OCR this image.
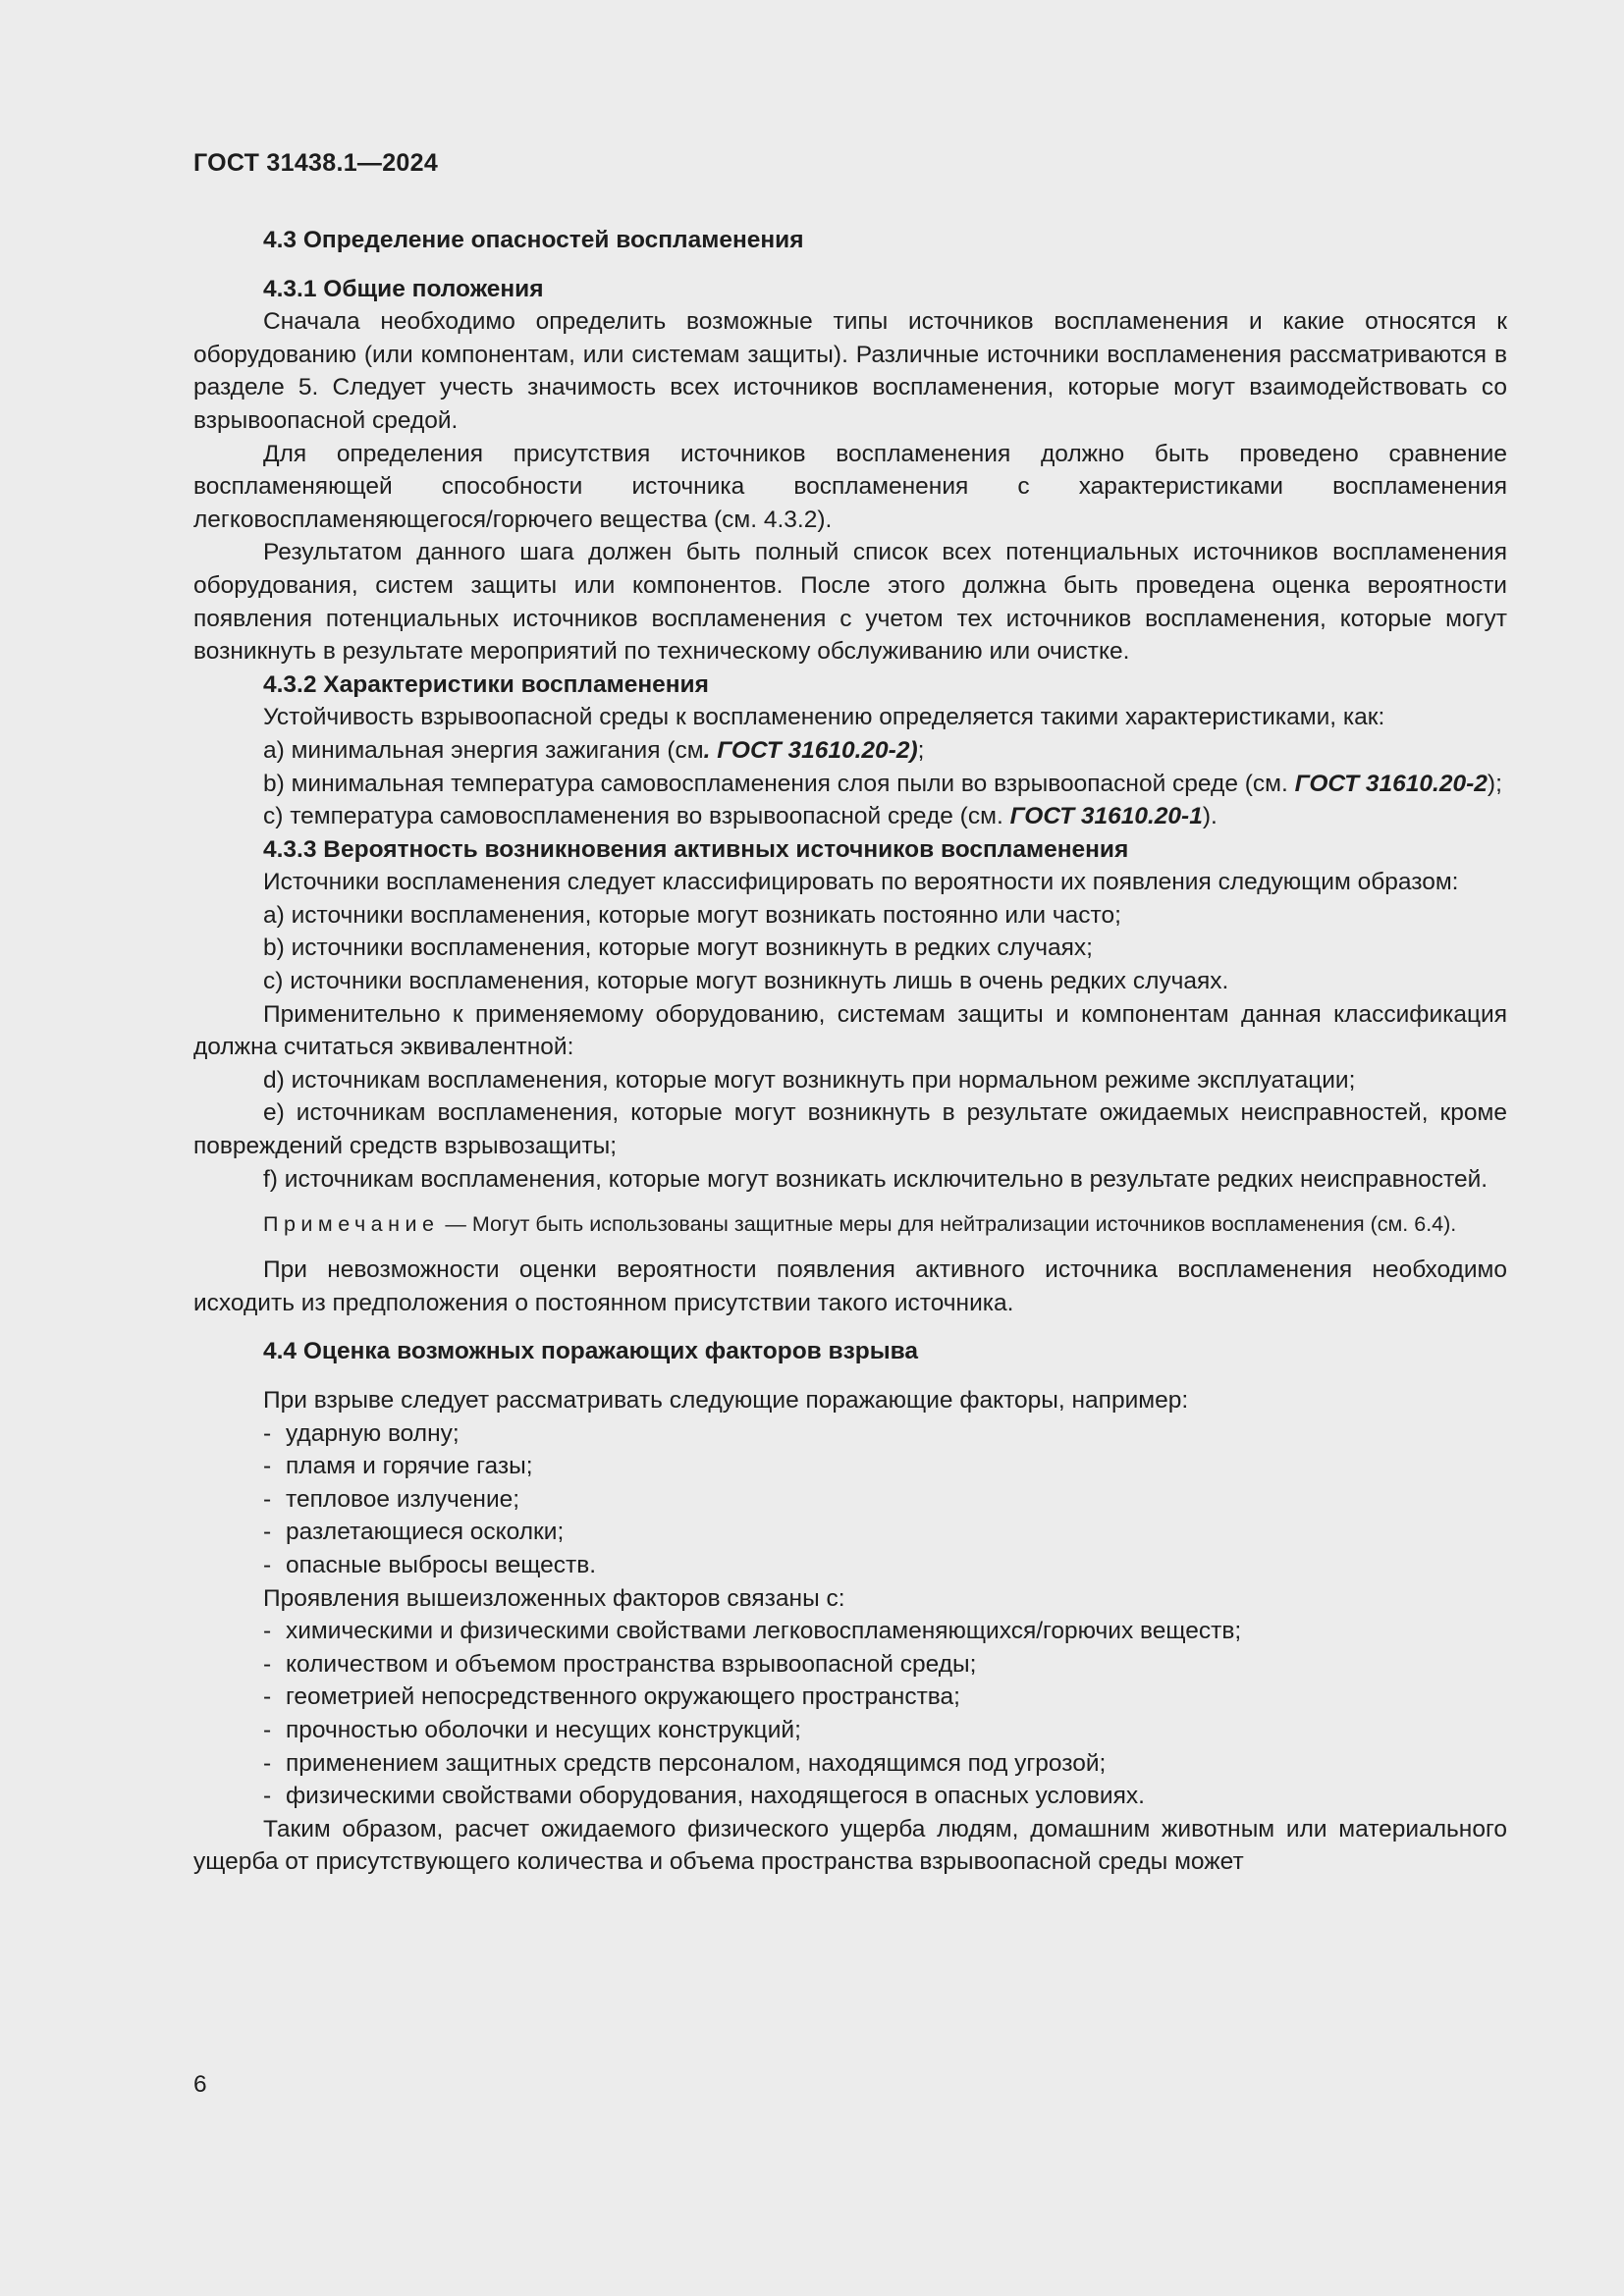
ГОСТ 31438.1—2024

4.3 Определение опасностей воспламенения

4.3.1 Общие положения

Сначала необходимо определить возможные типы источников воспламенения и какие относятся к оборудованию (или компонентам, или системам защиты). Различные источники воспламенения рассматриваются в разделе 5. Следует учесть значимость всех источников воспламенения, которые могут взаимодействовать со взрывоопасной средой.

Для определения присутствия источников воспламенения должно быть проведено сравнение воспламеняющей способности источника воспламенения с характеристиками воспламенения легковоспламеняющегося/горючего вещества (см. 4.3.2).

Результатом данного шага должен быть полный список всех потенциальных источников воспламенения оборудования, систем защиты или компонентов. После этого должна быть проведена оценка вероятности появления потенциальных источников воспламенения с учетом тех источников воспламенения, которые могут возникнуть в результате мероприятий по техническому обслуживанию или очистке.

4.3.2 Характеристики воспламенения

Устойчивость взрывоопасной среды к воспламенению определяется такими характеристиками, как:

a) минимальная энергия зажигания (см. ГОСТ 31610.20-2);

b) минимальная температура самовоспламенения слоя пыли во взрывоопасной среде (см. ГОСТ 31610.20-2);

c) температура самовоспламенения во взрывоопасной среде (см. ГОСТ 31610.20-1).

4.3.3 Вероятность возникновения активных источников воспламенения

Источники воспламенения следует классифицировать по вероятности их появления следующим образом:

a) источники воспламенения, которые могут возникать постоянно или часто;

b) источники воспламенения, которые могут возникнуть в редких случаях;

c) источники воспламенения, которые могут возникнуть лишь в очень редких случаях.

Применительно к применяемому оборудованию, системам защиты и компонентам данная классификация должна считаться эквивалентной:

d) источникам воспламенения, которые могут возникнуть при нормальном режиме эксплуатации;

e) источникам воспламенения, которые могут возникнуть в результате ожидаемых неисправностей, кроме повреждений средств взрывозащиты;

f) источникам воспламенения, которые могут возникать исключительно в результате редких неисправностей.

Примечание — Могут быть использованы защитные меры для нейтрализации источников воспламенения (см. 6.4).

При невозможности оценки вероятности появления активного источника воспламенения необходимо исходить из предположения о постоянном присутствии такого источника.

4.4 Оценка возможных поражающих факторов взрыва

При взрыве следует рассматривать следующие поражающие факторы, например:

- ударную волну;

- пламя и горячие газы;

- тепловое излучение;

- разлетающиеся осколки;

- опасные выбросы веществ.

Проявления вышеизложенных факторов связаны с:

- химическими и физическими свойствами легковоспламеняющихся/горючих веществ;

- количеством и объемом пространства взрывоопасной среды;

- геометрией непосредственного окружающего пространства;

- прочностью оболочки и несущих конструкций;

- применением защитных средств персоналом, находящимся под угрозой;

- физическими свойствами оборудования, находящегося в опасных условиях.

Таким образом, расчет ожидаемого физического ущерба людям, домашним животным или материального ущерба от присутствующего количества и объема пространства взрывоопасной среды может

6
